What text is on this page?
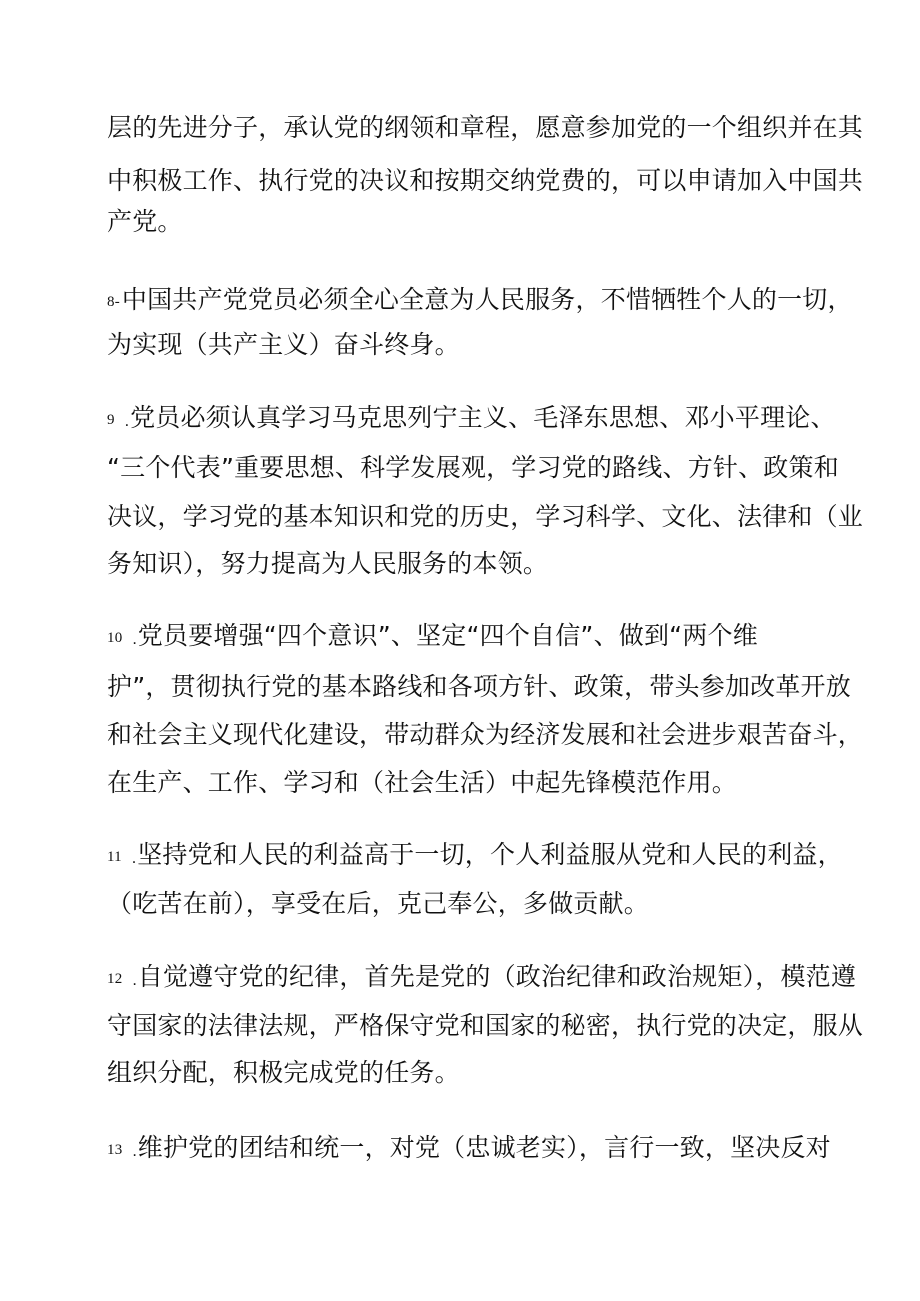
层的先进分子，承认党的纲领和章程，愿意参加党的一个组织并在其
中积极工作、执行党的决议和按期交纳党费的，可以申请加入中国共
产党。
8-中国共产党党员必须全心全意为人民服务，不惜牺牲个人的一切，
为实现（共产主义）奋斗终身。
9 .党员必须认真学习马克思列宁主义、毛泽东思想、邓小平理论、
“三个代表”重要思想、科学发展观，学习党的路线、方针、政策和
决议，学习党的基本知识和党的历史，学习科学、文化、法律和（业
务知识），努力提高为人民服务的本领。
10 .党员要增强“四个意识”、坚定“四个自信”、做到“两个维
护”，贯彻执行党的基本路线和各项方针、政策，带头参加改革开放
和社会主义现代化建设，带动群众为经济发展和社会进步艰苦奋斗，
在生产、工作、学习和（社会生活）中起先锋模范作用。
11 .坚持党和人民的利益高于一切，个人利益服从党和人民的利益，
（吃苦在前），享受在后，克己奉公，多做贡献。
12 .自觉遵守党的纪律，首先是党的（政治纪律和政治规矩），模范遵
守国家的法律法规，严格保守党和国家的秘密，执行党的决定，服从
组织分配，积极完成党的任务。
13 .维护党的团结和统一，对党（忠诚老实），言行一致，坚决反对
